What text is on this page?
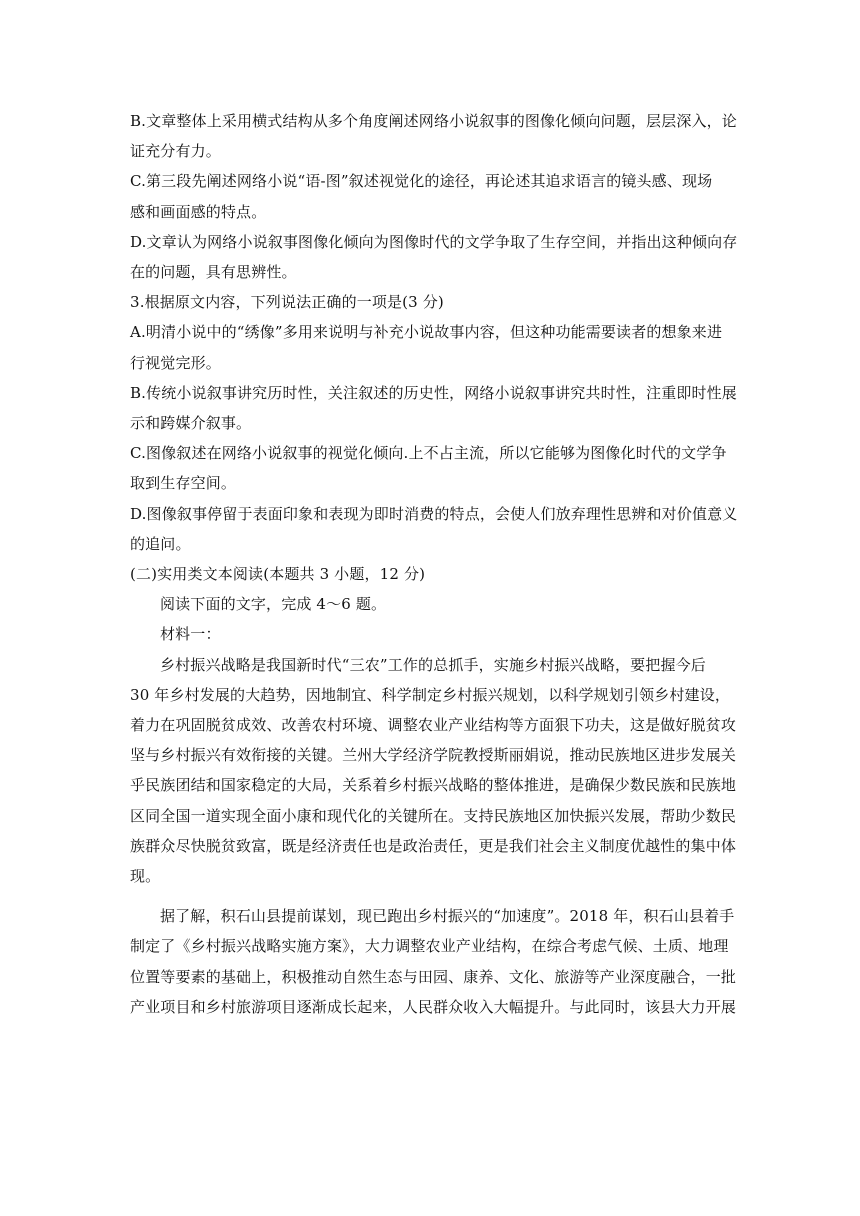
B.文章整体上采用横式结构从多个角度阐述网络小说叙事的图像化倾向问题，层层深入，论
证充分有力。
C.第三段先阐述网络小说“语-图”叙述视觉化的途径，再论述其追求语言的镜头感、现场
感和画面感的特点。
D.文章认为网络小说叙事图像化倾向为图像时代的文学争取了生存空间，并指出这种倾向存
在的问题，具有思辨性。
3.根据原文内容，下列说法正确的一项是(3 分)
A.明清小说中的“绣像”多用来说明与补充小说故事内容，但这种功能需要读者的想象来进
行视觉完形。
B.传统小说叙事讲究历时性，关注叙述的历史性，网络小说叙事讲究共时性，注重即时性展
示和跨媒介叙事。
C.图像叙述在网络小说叙事的视觉化倾向.上不占主流，所以它能够为图像化时代的文学争
取到生存空间。
D.图像叙事停留于表面印象和表现为即时消费的特点，会使人们放弃理性思辨和对价值意义
的追问。
(二)实用类文本阅读(本题共 3 小题，12 分)
阅读下面的文字，完成 4～6 题。
材料一：
乡村振兴战略是我国新时代“三农”工作的总抓手，实施乡村振兴战略，要把握今后
30 年乡村发展的大趋势，因地制宜、科学制定乡村振兴规划，以科学规划引领乡村建设，
着力在巩固脱贫成效、改善农村环境、调整农业产业结构等方面狠下功夫，这是做好脱贫攻
坚与乡村振兴有效衔接的关键。兰州大学经济学院教授斯丽娟说，推动民族地区进步发展关
乎民族团结和国家稳定的大局，关系着乡村振兴战略的整体推进，是确保少数民族和民族地
区同全国一道实现全面小康和现代化的关键所在。支持民族地区加快振兴发展，帮助少数民
族群众尽快脱贫致富，既是经济责任也是政治责任，更是我们社会主义制度优越性的集中体
现。
据了解，积石山县提前谋划，现已跑出乡村振兴的“加速度”。2018 年，积石山县着手
制定了《乡村振兴战略实施方案》，大力调整农业产业结构，在综合考虑气候、土质、地理
位置等要素的基础上，积极推动自然生态与田园、康养、文化、旅游等产业深度融合，一批
产业项目和乡村旅游项目逐渐成长起来，人民群众收入大幅提升。与此同时，该县大力开展
